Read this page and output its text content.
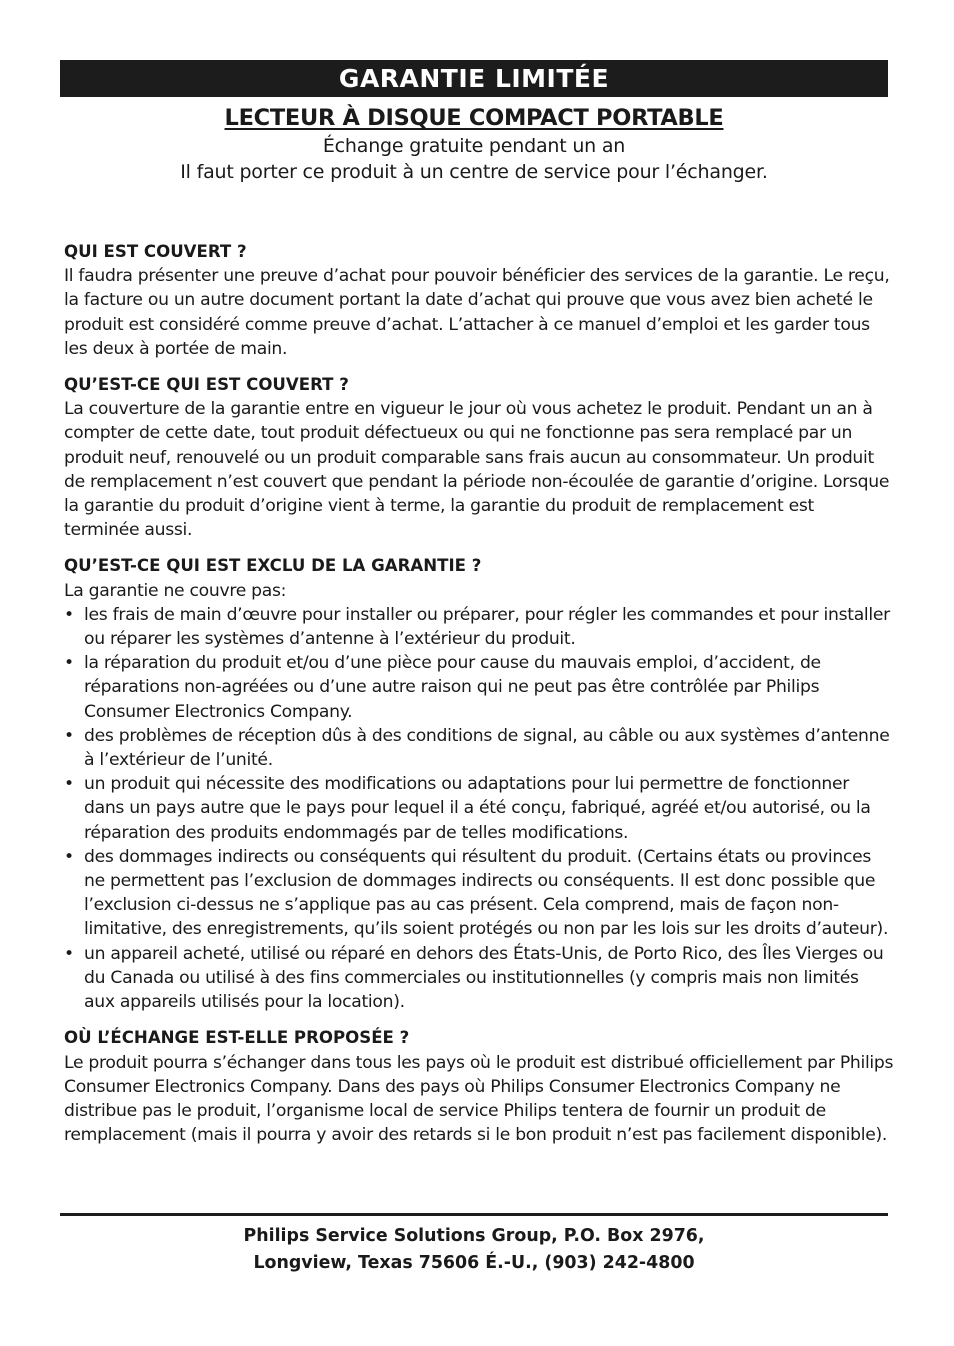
GARANTIE LIMITÉE
LECTEUR À DISQUE COMPACT PORTABLE
Échange gratuite pendant un an
Il faut porter ce produit à un centre de service pour l’échanger.
QUI EST COUVERT ?

Il faudra présenter une preuve d’achat pour pouvoir bénéficier des services de la garantie. Le reçu, la facture ou un autre document portant la date d’achat qui prouve que vous avez bien acheté le produit est considéré comme preuve d’achat. L’attacher à ce manuel d’emploi et les garder tous les deux à portée de main.

QU’EST-CE QUI EST COUVERT ?

La couverture de la garantie entre en vigueur le jour où vous achetez le produit. Pendant un an à compter de cette date, tout produit défectueux ou qui ne fonctionne pas sera remplacé par un produit neuf, renouvelé ou un produit comparable sans frais aucun au consommateur. Un produit de remplacement n’est couvert que pendant la période non-écoulée de garantie d’origine. Lorsque la garantie du produit d’origine vient à terme, la garantie du produit de remplacement est terminée aussi.

QU’EST-CE QUI EST EXCLU DE LA GARANTIE ?

La garantie ne couvre pas:

• les frais de main d’œuvre pour installer ou préparer, pour régler les commandes et pour installer ou réparer les systèmes d’antenne à l’extérieur du produit.
• la réparation du produit et/ou d’une pièce pour cause du mauvais emploi, d’accident, de réparations non-agréées ou d’une autre raison qui ne peut pas être contrôlée par Philips Consumer Electronics Company.
• des problèmes de réception dûs à des conditions de signal, au câble ou aux systèmes d’antenne à l’extérieur de l’unité.
• un produit qui nécessite des modifications ou adaptations pour lui permettre de fonctionner dans un pays autre que le pays pour lequel il a été conçu, fabriqué, agréé et/ou autorisé, ou la réparation des produits endommagés par de telles modifications.
• des dommages indirects ou conséquents qui résultent du produit. (Certains états ou provinces ne permettent pas l’exclusion de dommages indirects ou conséquents. Il est donc possible que l’exclusion ci-dessus ne s’applique pas au cas présent. Cela comprend, mais de façon non-limitative, des enregistrements, qu’ils soient protégés ou non par les lois sur les droits d’auteur).
• un appareil acheté, utilisé ou réparé en dehors des États-Unis, de Porto Rico, des Îles Vierges ou du Canada ou utilisé à des fins commerciales ou institutionnelles (y compris mais non limités aux appareils utilisés pour la location).
OÙ L’ÉCHANGE EST-ELLE PROPOSÉE ?

Le produit pourra s’échanger dans tous les pays où le produit est distribué officiellement par Philips Consumer Electronics Company. Dans des pays où Philips Consumer Electronics Company ne distribue pas le produit, l’organisme local de service Philips tentera de fournir un produit de remplacement (mais il pourra y avoir des retards si le bon produit n’est pas facilement disponible).

Philips Service Solutions Group, P.O. Box 2976,
Longview, Texas 75606 É.-U., (903) 242-4800
